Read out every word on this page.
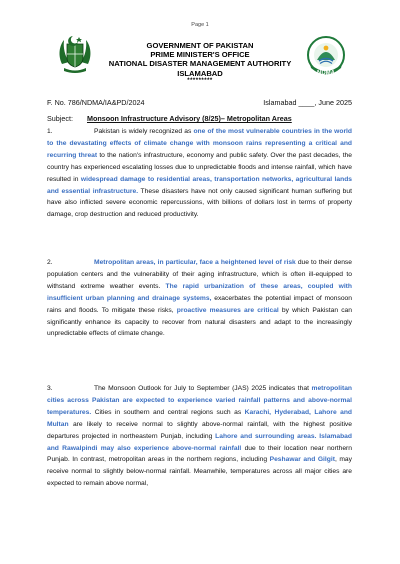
Page 1
NDMA
GOVERNMENT OF PAKISTAN
PRIME MINISTER'S OFFICE
NATIONAL DISASTER MANAGEMENT AUTHORITY
ISLAMABAD
*********
F. No. 786/NDMA/IA&PD/2024	Islamabad ____, June 2025
Subject: Monsoon Infrastructure Advisory (8/25)– Metropolitan Areas
1.	Pakistan is widely recognized as one of the most vulnerable countries in the world to the devastating effects of climate change with monsoon rains representing a critical and recurring threat to the nation's infrastructure, economy and public safety. Over the past decades, the country has experienced escalating losses due to unpredictable floods and intense rainfall, which have resulted in widespread damage to residential areas, transportation networks, agricultural lands and essential infrastructure. These disasters have not only caused significant human suffering but have also inflicted severe economic repercussions, with billions of dollars lost in terms of property damage, crop destruction and reduced productivity.
2.	Metropolitan areas, in particular, face a heightened level of risk due to their dense population centers and the vulnerability of their aging infrastructure, which is often ill-equipped to withstand extreme weather events. The rapid urbanization of these areas, coupled with insufficient urban planning and drainage systems, exacerbates the potential impact of monsoon rains and floods. To mitigate these risks, proactive measures are critical by which Pakistan can significantly enhance its capacity to recover from natural disasters and adapt to the increasingly unpredictable effects of climate change.
3.	The Monsoon Outlook for July to September (JAS) 2025 indicates that metropolitan cities across Pakistan are expected to experience varied rainfall patterns and above-normal temperatures. Cities in southern and central regions such as Karachi, Hyderabad, Lahore and Multan are likely to receive normal to slightly above-normal rainfall, with the highest positive departures projected in northeastern Punjab, including Lahore and surrounding areas. Islamabad and Rawalpindi may also experience above-normal rainfall due to their location near northern Punjab. In contrast, metropolitan areas in the northern regions, including Peshawar and Gilgit, may receive normal to slightly below-normal rainfall. Meanwhile, temperatures across all major cities are expected to remain above normal,
